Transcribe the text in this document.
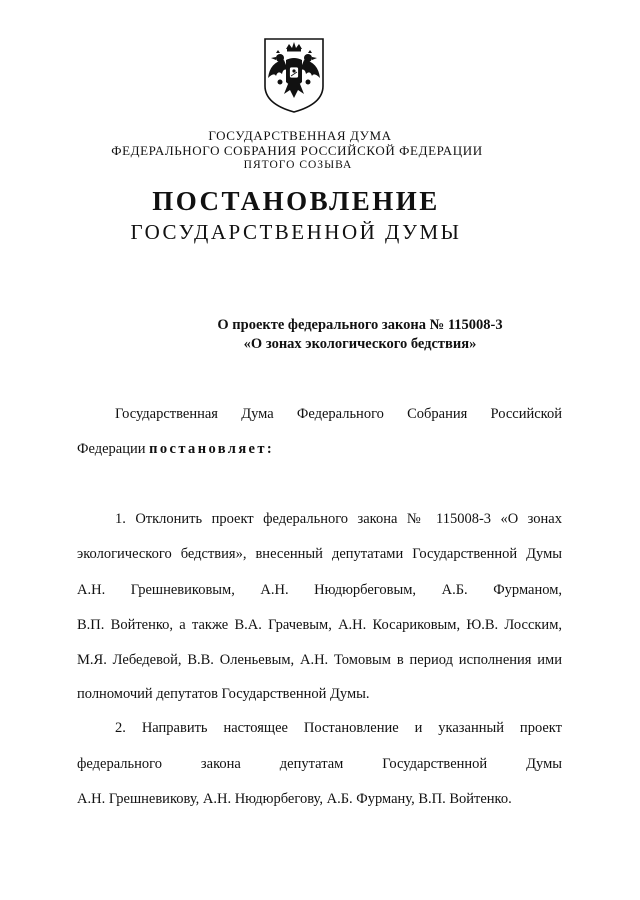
ГОСУДАРСТВЕННАЯ ДУМА
ФЕДЕРАЛЬНОГО СОБРАНИЯ РОССИЙСКОЙ ФЕДЕРАЦИИ
ПЯТОГО СОЗЫВА
ПОСТАНОВЛЕНИЕ
ГОСУДАРСТВЕННОЙ ДУМЫ
О проекте федерального закона № 115008-3
«О зонах экологического бедствия»
Государственная Дума Федерального Собрания Российской
Федерации постановляет:
1. Отклонить проект федерального закона № 115008-3 «О зонах
экологического бедствия», внесенный депутатами Государственной Думы
А.Н. Грешневиковым, А.Н. Нюдюрбеговым, А.Б. Фурманом,
В.П. Войтенко, а также В.А. Грачевым, А.Н. Косариковым, Ю.В. Лосским,
М.Я. Лебедевой, В.В. Оленьевым, А.Н. Томовым в период исполнения ими
полномочий депутатов Государственной Думы.
2. Направить настоящее Постановление и указанный проект
федерального закона депутатам Государственной Думы
А.Н. Грешневикову, А.Н. Нюдюрбегову, А.Б. Фурману, В.П. Войтенко.
